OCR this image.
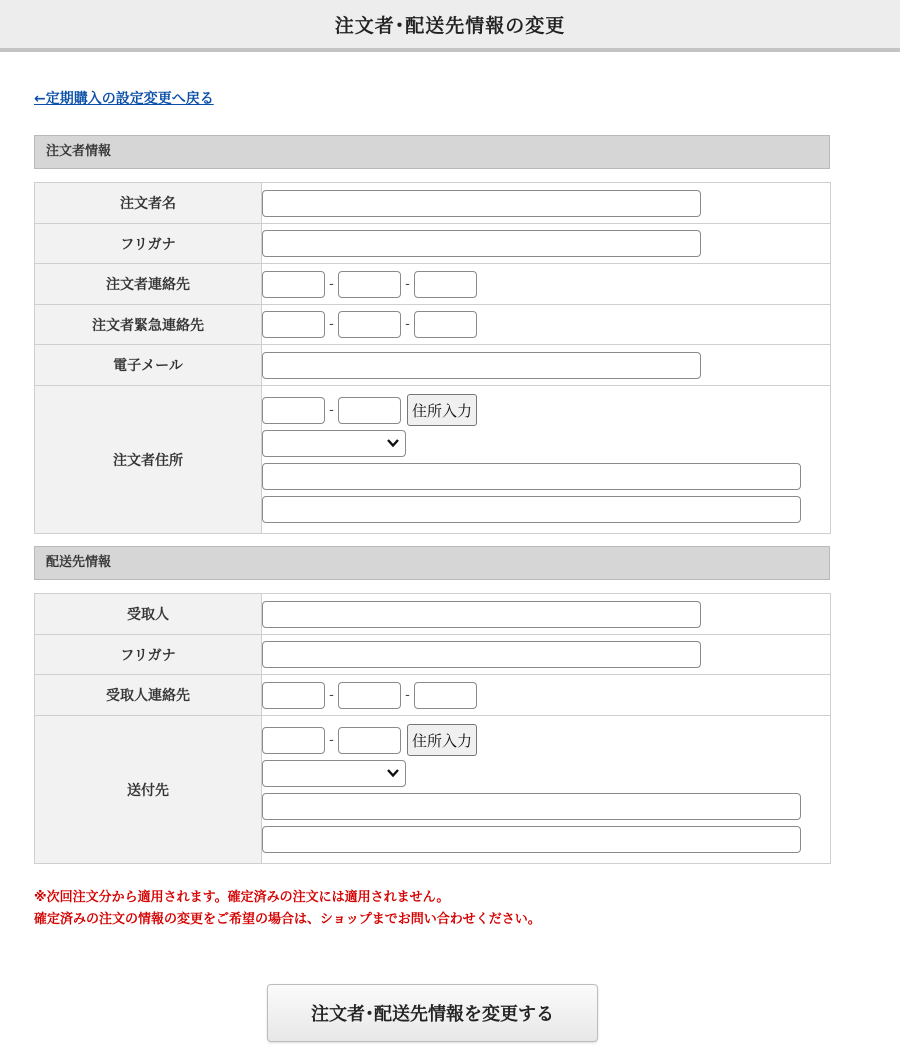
注文者･配送先情報の変更
←定期購入の設定変更へ戻る
注文者情報
注文者名	
フリガナ	
注文者連絡先	- -
注文者緊急連絡先	- -
電子メール	
注文者住所	- 住所入力
配送先情報
受取人	
フリガナ	
受取人連絡先	- -
送付先	- 住所入力
※次回注文分から適用されます。確定済みの注文には適用されません。
確定済みの注文の情報の変更をご希望の場合は、ショップまでお問い合わせください。
注文者･配送先情報を変更する
